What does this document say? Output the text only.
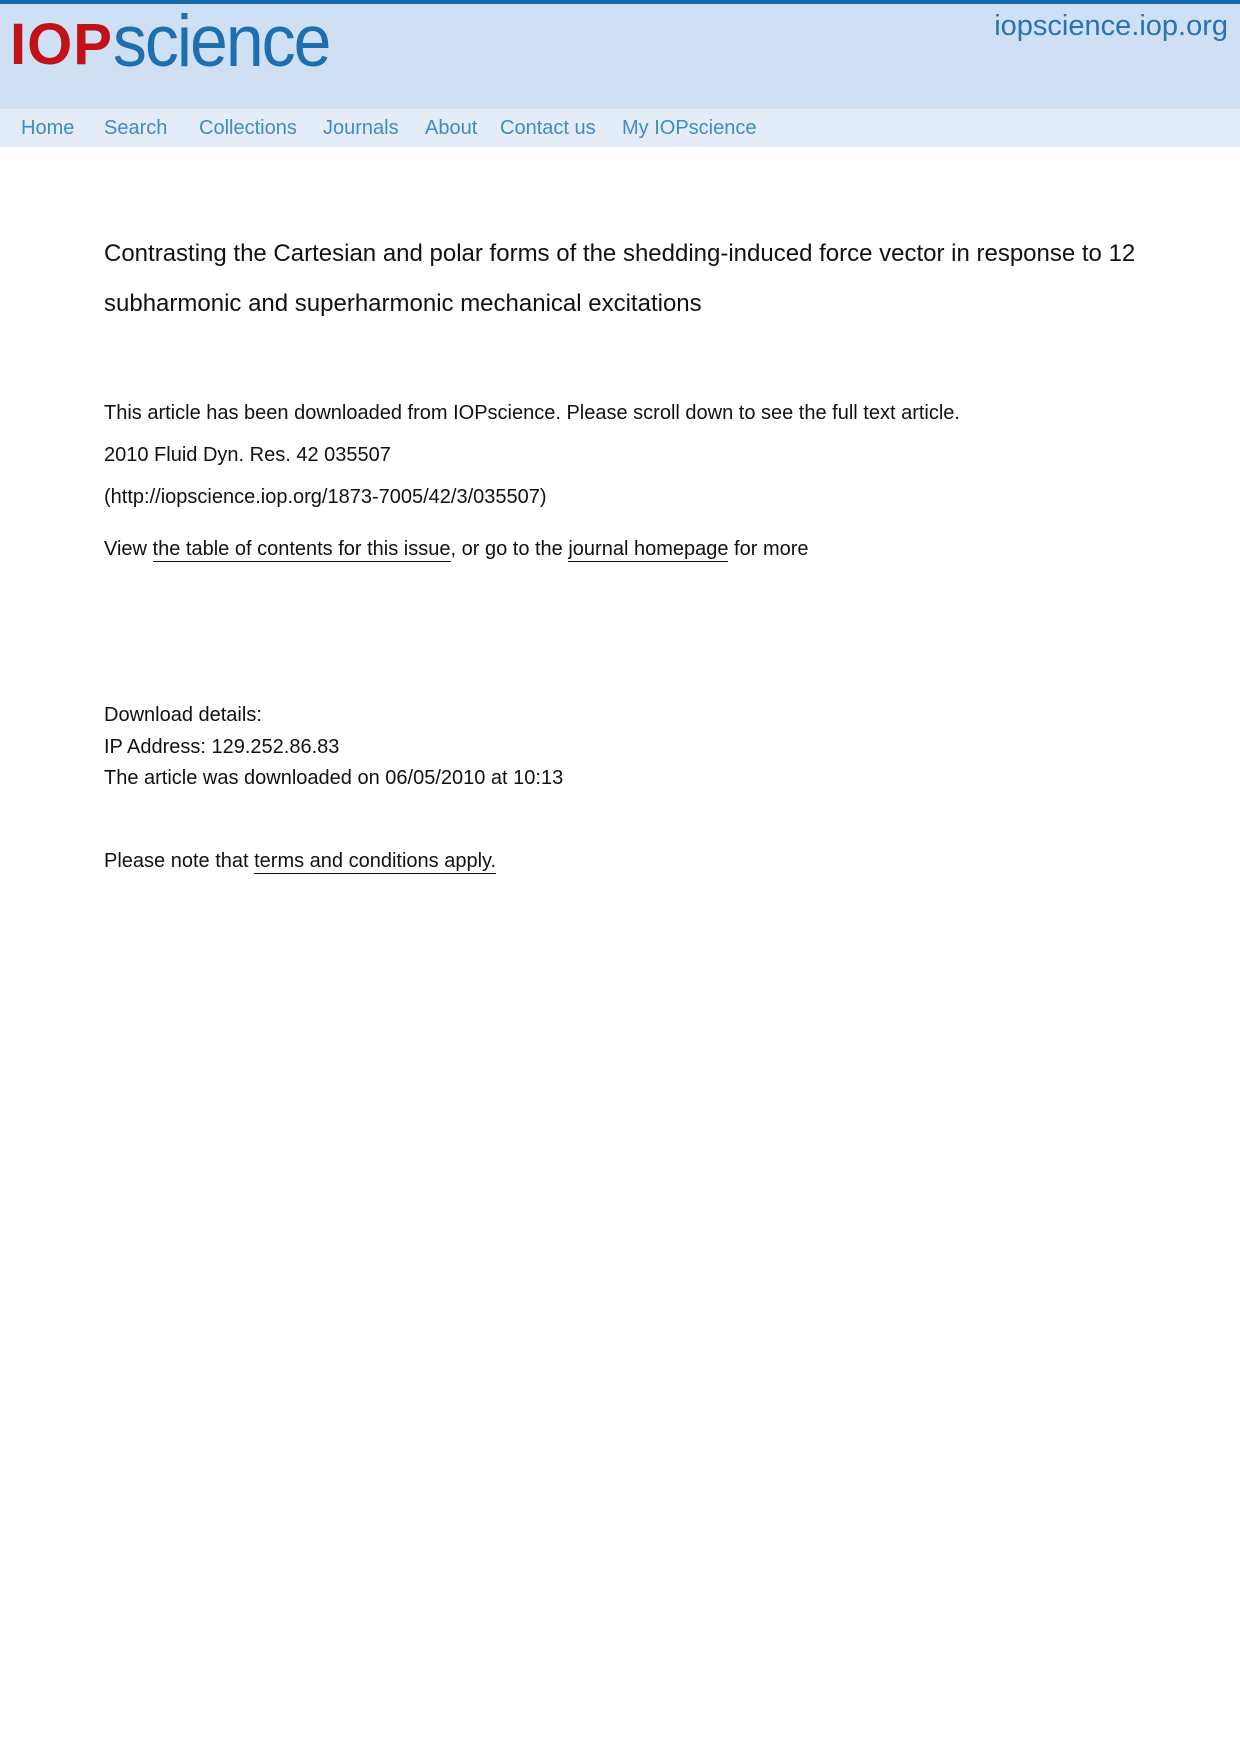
IOP science	iopscience.iop.org
Home Search Collections Journals About Contact us My IOPscience
Contrasting the Cartesian and polar forms of the shedding-induced force vector in response to 12 subharmonic and superharmonic mechanical excitations
This article has been downloaded from IOPscience. Please scroll down to see the full text article.
2010 Fluid Dyn. Res. 42 035507
(http://iopscience.iop.org/1873-7005/42/3/035507)
View the table of contents for this issue, or go to the journal homepage for more
Download details:
IP Address: 129.252.86.83
The article was downloaded on 06/05/2010 at 10:13
Please note that terms and conditions apply.
